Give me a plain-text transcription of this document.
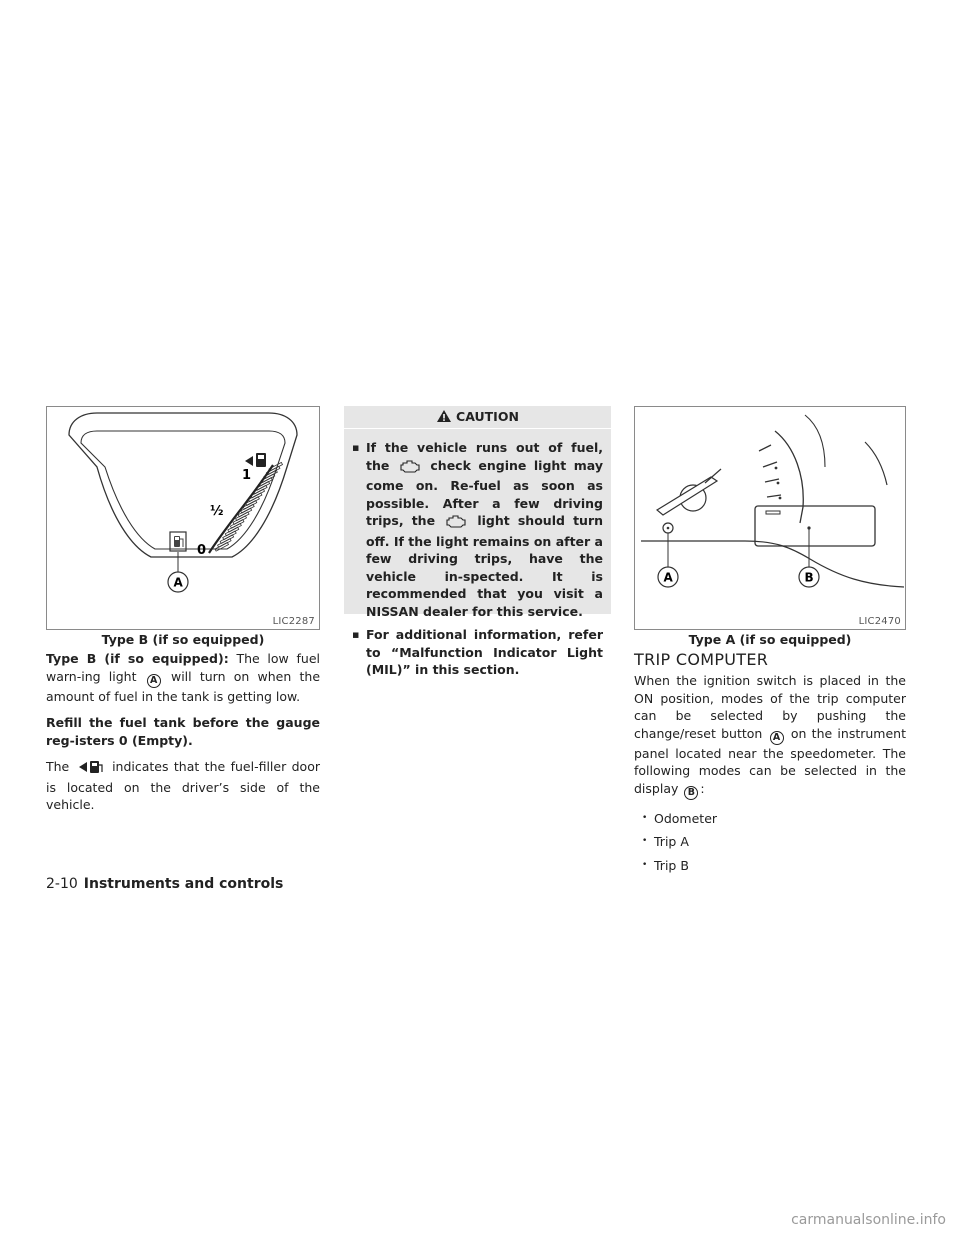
1
½
0
A
LIC2287
Type B (if so equipped)

Type B (if so equipped): The low fuel warn-ing light A will turn on when the amount of fuel in the tank is getting low.

Refill the fuel tank before the gauge reg-isters 0 (Empty).

The	indicates that the fuel-filler door is located on the driver’s side of the vehicle.

CAUTION
▪ If the vehicle runs out of fuel, the	check engine light may come on. Re-fuel as soon as possible. After a few driving trips, the	light should turn off. If the light remains on after a few driving trips, have the vehicle in-spected. It is recommended that you visit a NISSAN dealer for this service.
▪ For additional information, refer to “Malfunction Indicator Light (MIL)” in this section.
A	B
LIC2470
Type A (if so equipped)
TRIP COMPUTER

When the ignition switch is placed in the ON position, modes of the trip computer can be selected by pushing the change/reset button A on the instrument panel located near the speedometer. The following modes can be selected in the display B :

• Odometer
• Trip A
• Trip B
2-10 Instruments and controls
carmanualsonline.info
